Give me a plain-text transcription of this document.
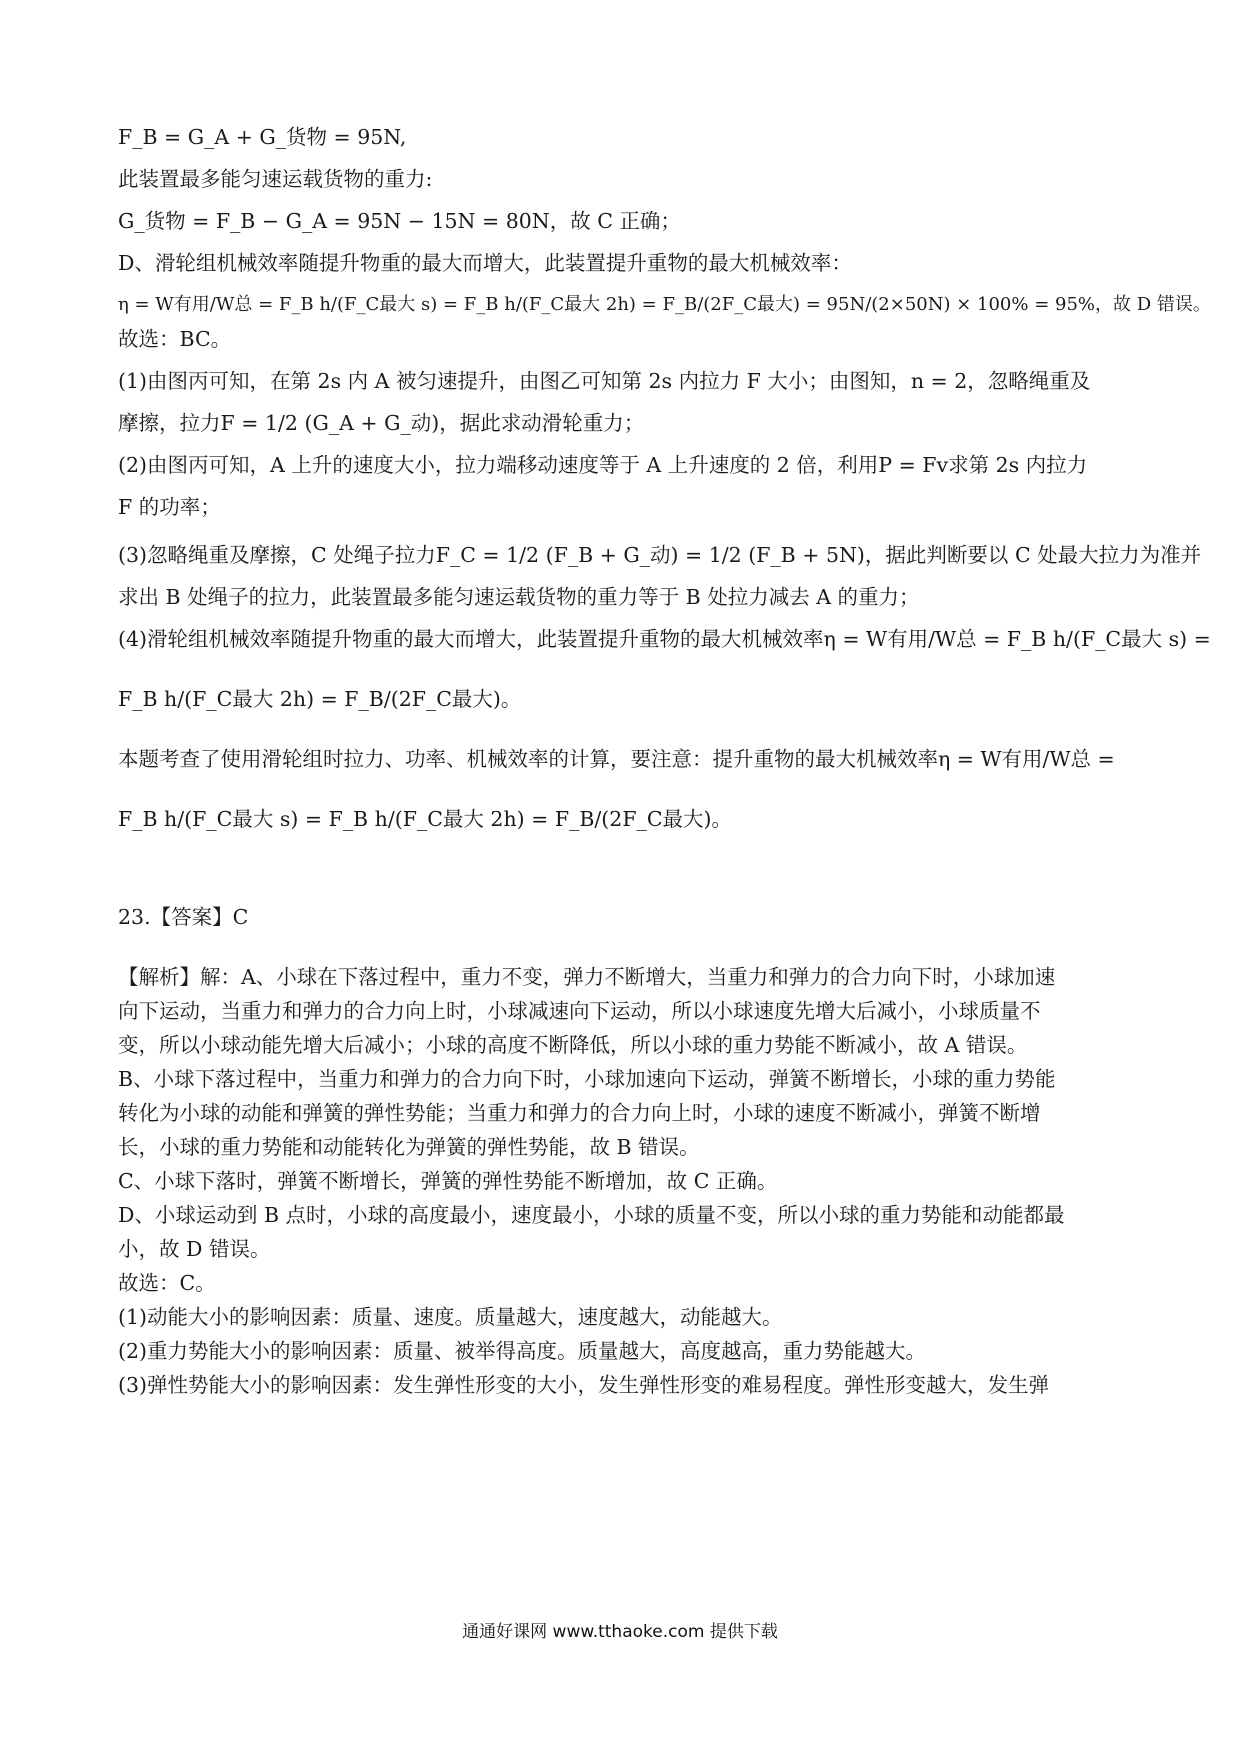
F_B = G_A + G_货物 = 95N,

此装置最多能匀速运载货物的重力:

G_货物 = F_B − G_A = 95N − 15N = 80N，故 C 正确；

D、滑轮组机械效率随提升物重的最大而增大，此装置提升重物的最大机械效率：

η = W有用/W总 = F_B h/(F_C最大 s) = F_B h/(F_C最大 2h) = F_B/(2F_C最大) = 95N/(2×50N) × 100% = 95%，故 D 错误。

故选：BC。

(1)由图丙可知，在第 2s 内 A 被匀速提升，由图乙可知第 2s 内拉力 F 大小；由图知，n = 2，忽略绳重及

摩擦，拉力F = 1/2 (G_A + G_动)，据此求动滑轮重力；

(2)由图丙可知，A 上升的速度大小，拉力端移动速度等于 A 上升速度的 2 倍，利用P = Fv求第 2s 内拉力

F 的功率；

(3)忽略绳重及摩擦，C 处绳子拉力F_C = 1/2 (F_B + G_动) = 1/2 (F_B + 5N)，据此判断要以 C 处最大拉力为准并

求出 B 处绳子的拉力，此装置最多能匀速运载货物的重力等于 B 处拉力减去 A 的重力；

(4)滑轮组机械效率随提升物重的最大而增大，此装置提升重物的最大机械效率η = W有用/W总 = F_B h/(F_C最大 s) =

F_B h/(F_C最大 2h) = F_B/(2F_C最大)。

本题考查了使用滑轮组时拉力、功率、机械效率的计算，要注意：提升重物的最大机械效率η = W有用/W总 =

F_B h/(F_C最大 s) = F_B h/(F_C最大 2h) = F_B/(2F_C最大)。

23.【答案】C

【解析】解：A、小球在下落过程中，重力不变，弹力不断增大，当重力和弹力的合力向下时，小球加速

向下运动，当重力和弹力的合力向上时，小球减速向下运动，所以小球速度先增大后减小，小球质量不

变，所以小球动能先增大后减小；小球的高度不断降低，所以小球的重力势能不断减小，故 A 错误。

B、小球下落过程中，当重力和弹力的合力向下时，小球加速向下运动，弹簧不断增长，小球的重力势能

转化为小球的动能和弹簧的弹性势能；当重力和弹力的合力向上时，小球的速度不断减小，弹簧不断增

长，小球的重力势能和动能转化为弹簧的弹性势能，故 B 错误。

C、小球下落时，弹簧不断增长，弹簧的弹性势能不断增加，故 C 正确。

D、小球运动到 B 点时，小球的高度最小，速度最小，小球的质量不变，所以小球的重力势能和动能都最

小，故 D 错误。

故选：C。

(1)动能大小的影响因素：质量、速度。质量越大，速度越大，动能越大。

(2)重力势能大小的影响因素：质量、被举得高度。质量越大，高度越高，重力势能越大。

(3)弹性势能大小的影响因素：发生弹性形变的大小，发生弹性形变的难易程度。弹性形变越大，发生弹

通通好课网 www.tthaoke.com 提供下载
